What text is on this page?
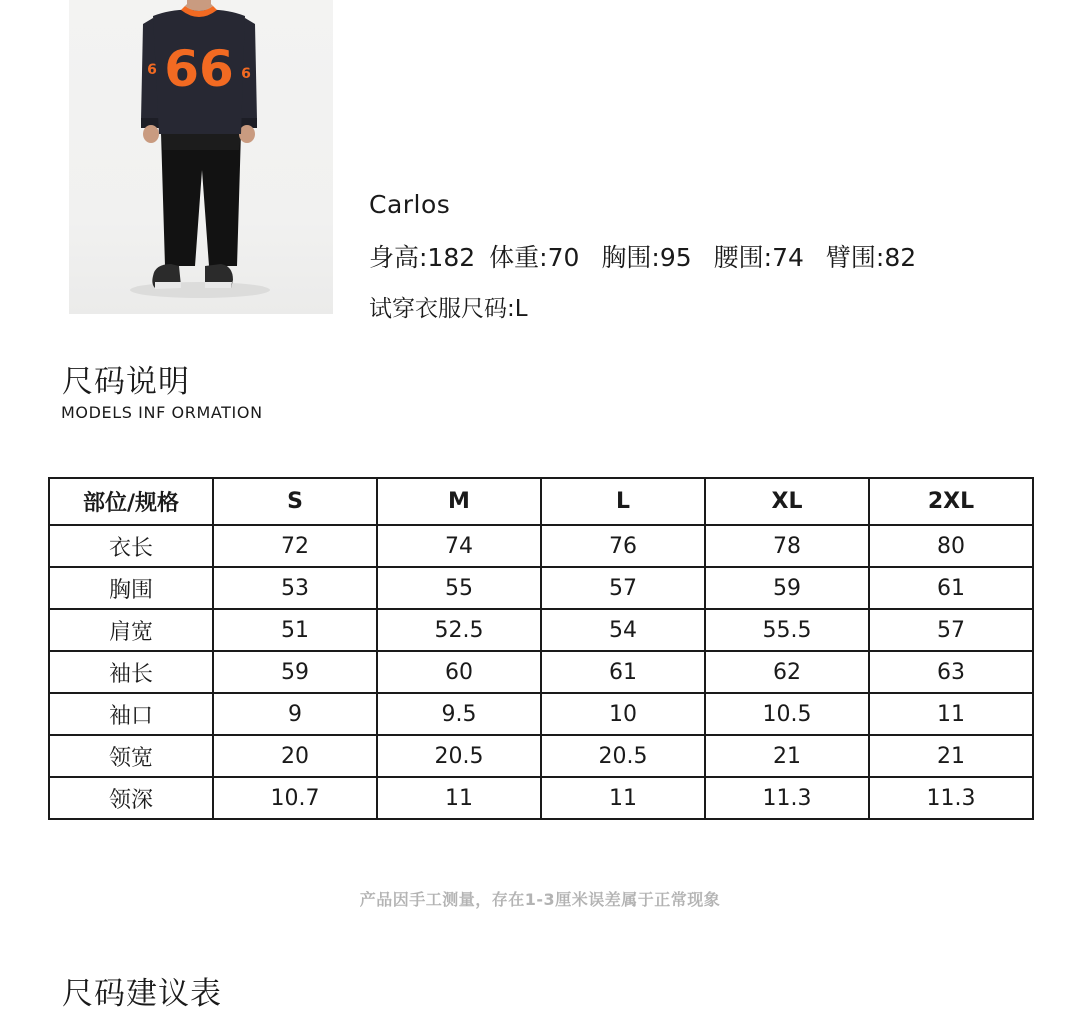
66
6	6
Carlos
身高:182 体重:70 胸围:95 腰围:74 臂围:82
试穿衣服尺码:L
尺码说明
MODELS INF ORMATION
部位/规格	S	M	L	XL	2XL
衣长	72	74	76	78	80
胸围	53	55	57	59	61
肩宽	51	52.5	54	55.5	57
袖长	59	60	61	62	63
袖口	9	9.5	10	10.5	11
领宽	20	20.5	20.5	21	21
领深	10.7	11	11	11.3	11.3
产品因手工测量，存在1-3厘米误差属于正常现象
尺码建议表
